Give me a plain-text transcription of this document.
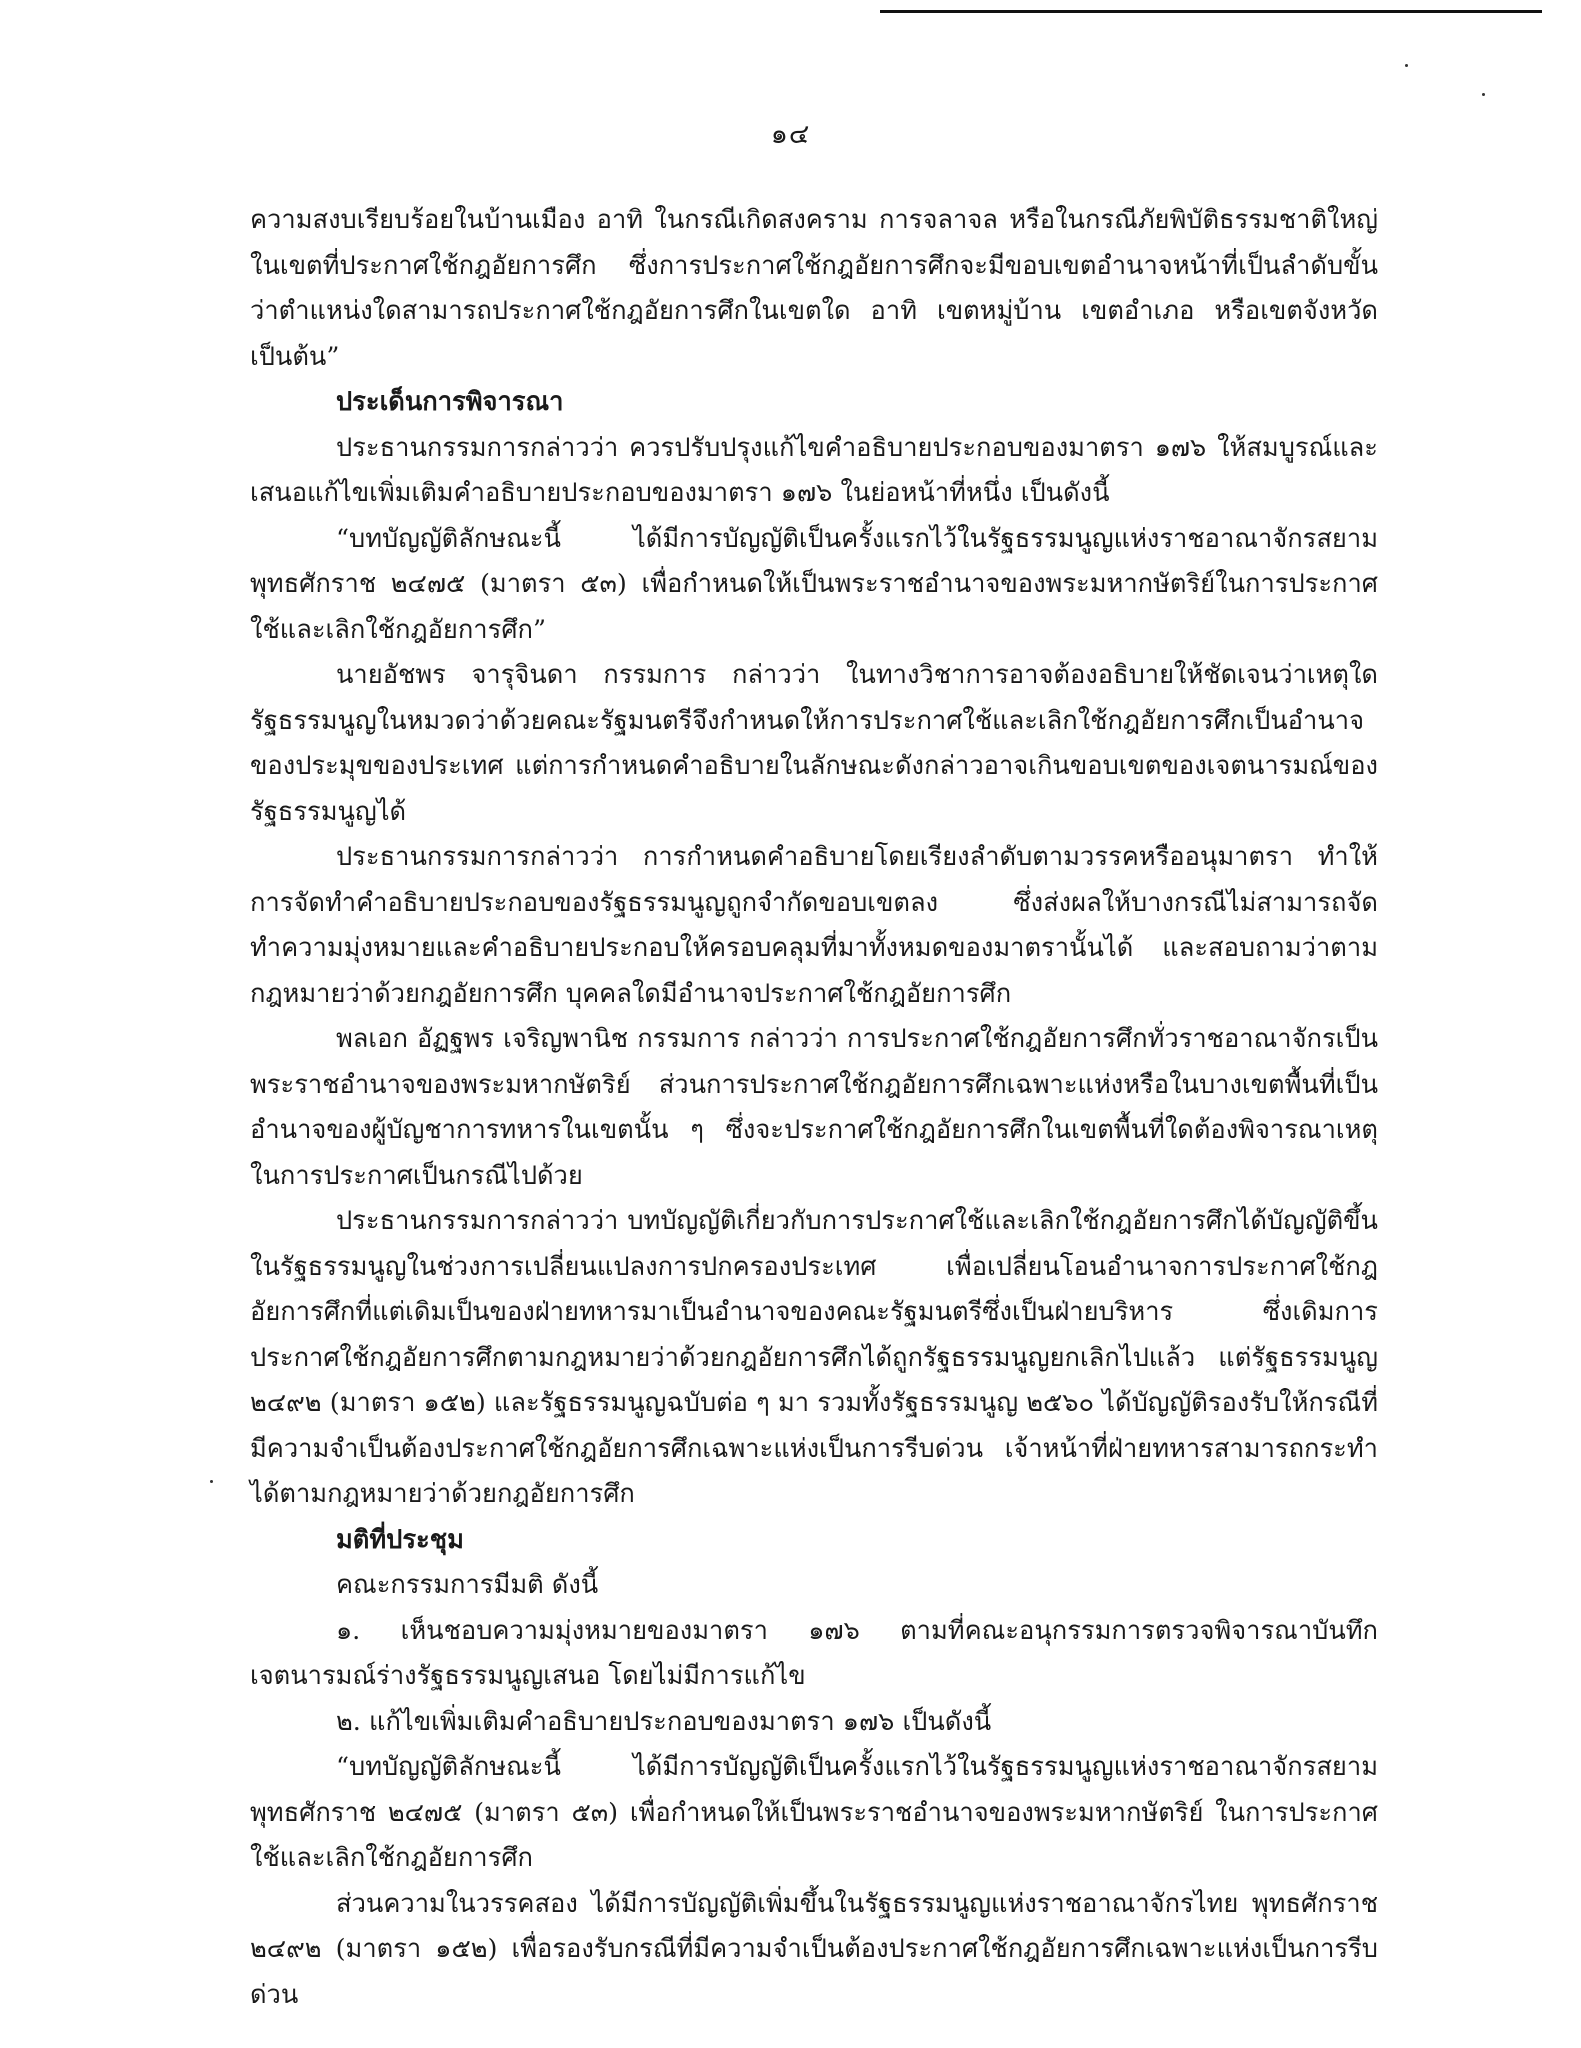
๑๔

ความสงบเรียบร้อยในบ้านเมือง อาทิ ในกรณีเกิดสงคราม การจลาจล หรือในกรณีภัยพิบัติธรรมชาติใหญ่ ในเขตที่ประกาศใช้กฎอัยการศึก ซึ่งการประกาศใช้กฎอัยการศึกจะมีขอบเขตอำนาจหน้าที่เป็นลำดับขั้นว่าตำแหน่งใดสามารถประกาศใช้กฎอัยการศึกในเขตใด อาทิ เขตหมู่บ้าน เขตอำเภอ หรือเขตจังหวัด เป็นต้น”

ประเด็นการพิจารณา

ประธานกรรมการกล่าวว่า ควรปรับปรุงแก้ไขคำอธิบายประกอบของมาตรา ๑๗๖ ให้สมบูรณ์และเสนอแก้ไขเพิ่มเติมคำอธิบายประกอบของมาตรา ๑๗๖ ในย่อหน้าที่หนึ่ง เป็นดังนี้

“บทบัญญัติลักษณะนี้ ได้มีการบัญญัติเป็นครั้งแรกไว้ในรัฐธรรมนูญแห่งราชอาณาจักรสยาม พุทธศักราช ๒๔๗๕ (มาตรา ๕๓) เพื่อกำหนดให้เป็นพระราชอำนาจของพระมหากษัตริย์ในการประกาศใช้และเลิกใช้กฎอัยการศึก”

นายอัชพร จารุจินดา กรรมการ กล่าวว่า ในทางวิชาการอาจต้องอธิบายให้ชัดเจนว่าเหตุใดรัฐธรรมนูญในหมวดว่าด้วยคณะรัฐมนตรีจึงกำหนดให้การประกาศใช้และเลิกใช้กฎอัยการศึกเป็นอำนาจของประมุขของประเทศ แต่การกำหนดคำอธิบายในลักษณะดังกล่าวอาจเกินขอบเขตของเจตนารมณ์ของรัฐธรรมนูญได้

ประธานกรรมการกล่าวว่า การกำหนดคำอธิบายโดยเรียงลำดับตามวรรคหรืออนุมาตรา ทำให้การจัดทำคำอธิบายประกอบของรัฐธรรมนูญถูกจำกัดขอบเขตลง ซึ่งส่งผลให้บางกรณีไม่สามารถจัดทำความมุ่งหมายและคำอธิบายประกอบให้ครอบคลุมที่มาทั้งหมดของมาตรานั้นได้ และสอบถามว่าตามกฎหมายว่าด้วยกฎอัยการศึก บุคคลใดมีอำนาจประกาศใช้กฎอัยการศึก

พลเอก อัฏฐพร เจริญพานิช กรรมการ กล่าวว่า การประกาศใช้กฎอัยการศึกทั่วราชอาณาจักรเป็นพระราชอำนาจของพระมหากษัตริย์ ส่วนการประกาศใช้กฎอัยการศึกเฉพาะแห่งหรือในบางเขตพื้นที่เป็นอำนาจของผู้บัญชาการทหารในเขตนั้น ๆ ซึ่งจะประกาศใช้กฎอัยการศึกในเขตพื้นที่ใดต้องพิจารณาเหตุในการประกาศเป็นกรณีไปด้วย

ประธานกรรมการกล่าวว่า บทบัญญัติเกี่ยวกับการประกาศใช้และเลิกใช้กฎอัยการศึกได้บัญญัติขึ้นในรัฐธรรมนูญในช่วงการเปลี่ยนแปลงการปกครองประเทศ เพื่อเปลี่ยนโอนอำนาจการประกาศใช้กฎอัยการศึกที่แต่เดิมเป็นของฝ่ายทหารมาเป็นอำนาจของคณะรัฐมนตรีซึ่งเป็นฝ่ายบริหาร ซึ่งเดิมการประกาศใช้กฎอัยการศึกตามกฎหมายว่าด้วยกฎอัยการศึกได้ถูกรัฐธรรมนูญยกเลิกไปแล้ว แต่รัฐธรรมนูญ ๒๔๙๒ (มาตรา ๑๕๒) และรัฐธรรมนูญฉบับต่อ ๆ มา รวมทั้งรัฐธรรมนูญ ๒๕๖๐ ได้บัญญัติรองรับให้กรณีที่มีความจำเป็นต้องประกาศใช้กฎอัยการศึกเฉพาะแห่งเป็นการรีบด่วน เจ้าหน้าที่ฝ่ายทหารสามารถกระทำได้ตามกฎหมายว่าด้วยกฎอัยการศึก

มติที่ประชุม

คณะกรรมการมีมติ ดังนี้

๑. เห็นชอบความมุ่งหมายของมาตรา ๑๗๖ ตามที่คณะอนุกรรมการตรวจพิจารณาบันทึกเจตนารมณ์ร่างรัฐธรรมนูญเสนอ โดยไม่มีการแก้ไข

๒. แก้ไขเพิ่มเติมคำอธิบายประกอบของมาตรา ๑๗๖ เป็นดังนี้

“บทบัญญัติลักษณะนี้ ได้มีการบัญญัติเป็นครั้งแรกไว้ในรัฐธรรมนูญแห่งราชอาณาจักรสยาม พุทธศักราช ๒๔๗๕ (มาตรา ๕๓) เพื่อกำหนดให้เป็นพระราชอำนาจของพระมหากษัตริย์ ในการประกาศใช้และเลิกใช้กฎอัยการศึก

ส่วนความในวรรคสอง ได้มีการบัญญัติเพิ่มขึ้นในรัฐธรรมนูญแห่งราชอาณาจักรไทย พุทธศักราช ๒๔๙๒ (มาตรา ๑๕๒) เพื่อรองรับกรณีที่มีความจำเป็นต้องประกาศใช้กฎอัยการศึกเฉพาะแห่งเป็นการรีบด่วน
